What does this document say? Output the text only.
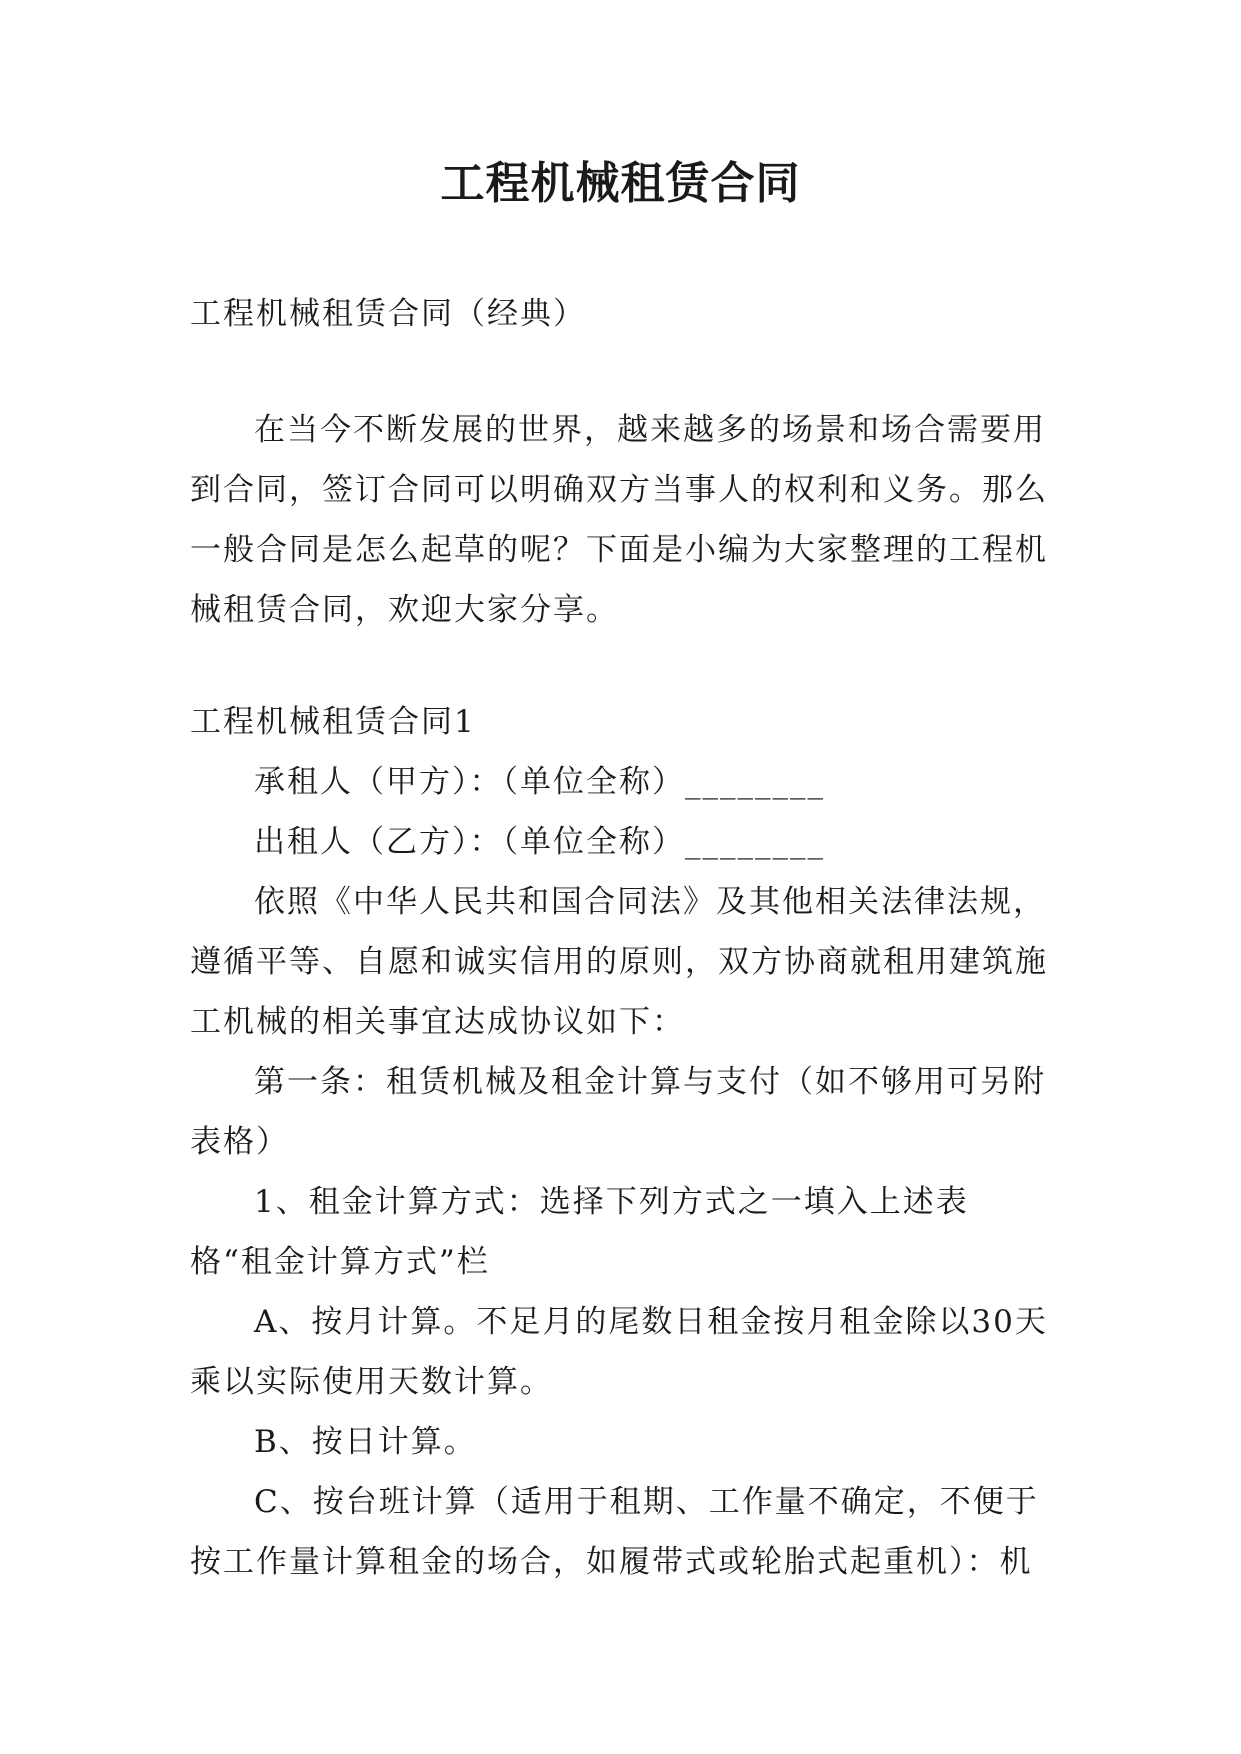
工程机械租赁合同

工程机械租赁合同（经典）

在当今不断发展的世界，越来越多的场景和场合需要用到合同，签订合同可以明确双方当事人的权利和义务。那么一般合同是怎么起草的呢？下面是小编为大家整理的工程机械租赁合同，欢迎大家分享。

工程机械租赁合同1

承租人（甲方）：（单位全称）________

出租人（乙方）：（单位全称）________

依照《中华人民共和国合同法》及其他相关法律法规，遵循平等、自愿和诚实信用的原则，双方协商就租用建筑施工机械的相关事宜达成协议如下：

第一条：租赁机械及租金计算与支付（如不够用可另附表格）

1、租金计算方式：选择下列方式之一填入上述表格“租金计算方式”栏

A、按月计算。不足月的尾数日租金按月租金除以30天乘以实际使用天数计算。

B、按日计算。

C、按台班计算（适用于租期、工作量不确定，不便于按工作量计算租金的场合，如履带式或轮胎式起重机）：机
